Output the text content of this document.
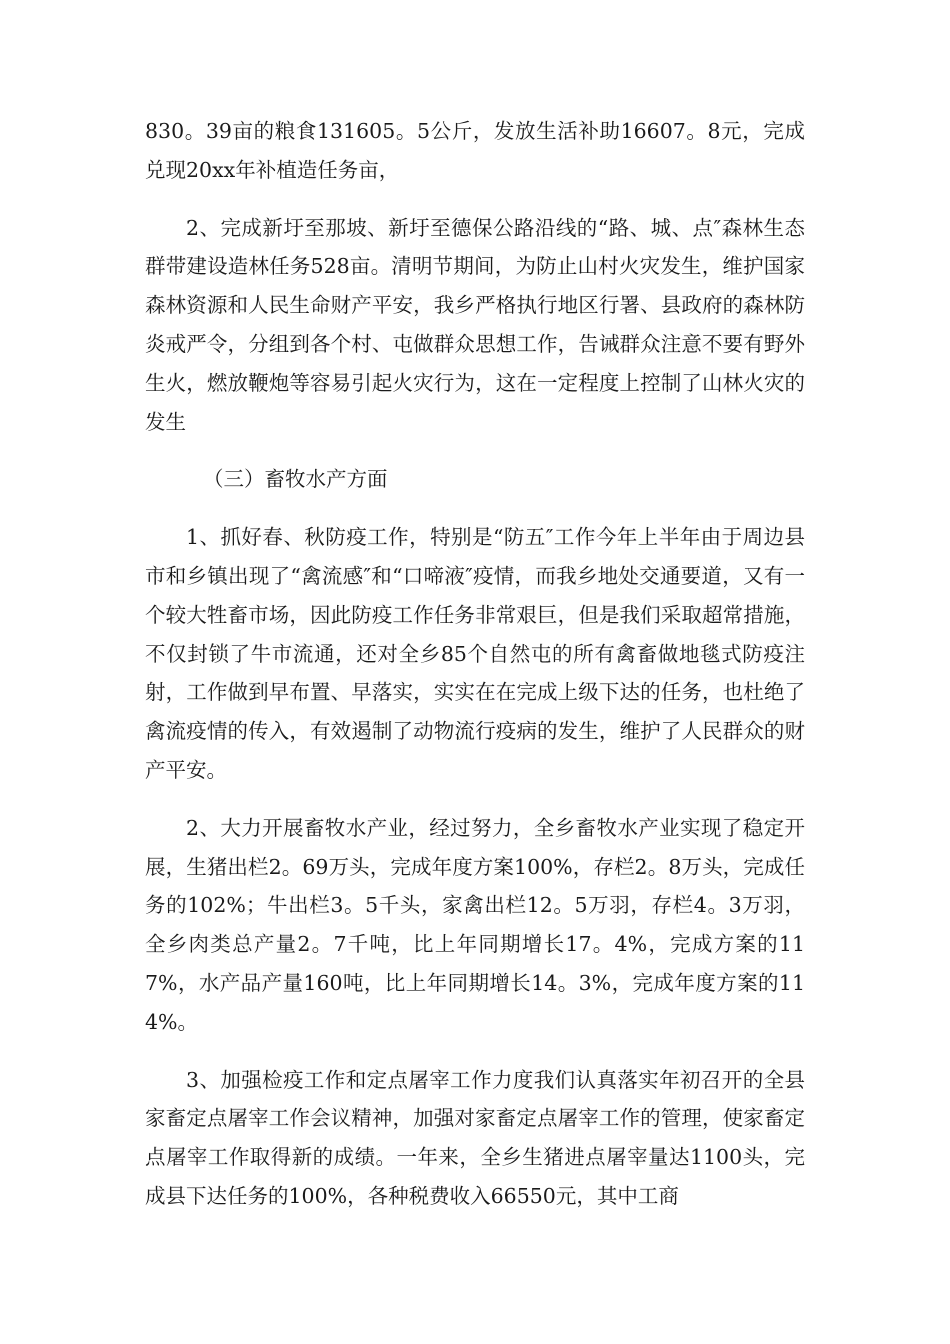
830。39亩的粮食131605。5公斤，发放生活补助16607。8元，完成兑现20xx年补植造任务亩，

2、完成新圩至那坡、新圩至德保公路沿线的“路、城、点″森林生态群带建设造林任务528亩。清明节期间，为防止山村火灾发生，维护国家森林资源和人民生命财产平安，我乡严格执行地区行署、县政府的森林防炎戒严令，分组到各个村、屯做群众思想工作，告诫群众注意不要有野外生火，燃放鞭炮等容易引起火灾行为，这在一定程度上控制了山林火灾的发生

（三）畜牧水产方面

1、抓好春、秋防疫工作，特别是“防五″工作今年上半年由于周边县市和乡镇出现了“禽流感″和“口啼液″疫情，而我乡地处交通要道，又有一个较大牲畜市场，因此防疫工作任务非常艰巨，但是我们采取超常措施，不仅封锁了牛市流通，还对全乡85个自然屯的所有禽畜做地毯式防疫注射，工作做到早布置、早落实，实实在在完成上级下达的任务，也杜绝了禽流疫情的传入，有效遏制了动物流行疫病的发生，维护了人民群众的财产平安。

2、大力开展畜牧水产业，经过努力，全乡畜牧水产业实现了稳定开展，生猪出栏2。69万头，完成年度方案100%，存栏2。8万头，完成任务的102%；牛出栏3。5千头，家禽出栏12。5万羽，存栏4。3万羽，全乡肉类总产量2。7千吨，比上年同期增长17。4%，完成方案的117%，水产品产量160吨，比上年同期增长14。3%，完成年度方案的114%。

3、加强检疫工作和定点屠宰工作力度我们认真落实年初召开的全县家畜定点屠宰工作会议精神，加强对家畜定点屠宰工作的管理，使家畜定点屠宰工作取得新的成绩。一年来，全乡生猪进点屠宰量达1100头，完成县下达任务的100%，各种税费收入66550元，其中工商
